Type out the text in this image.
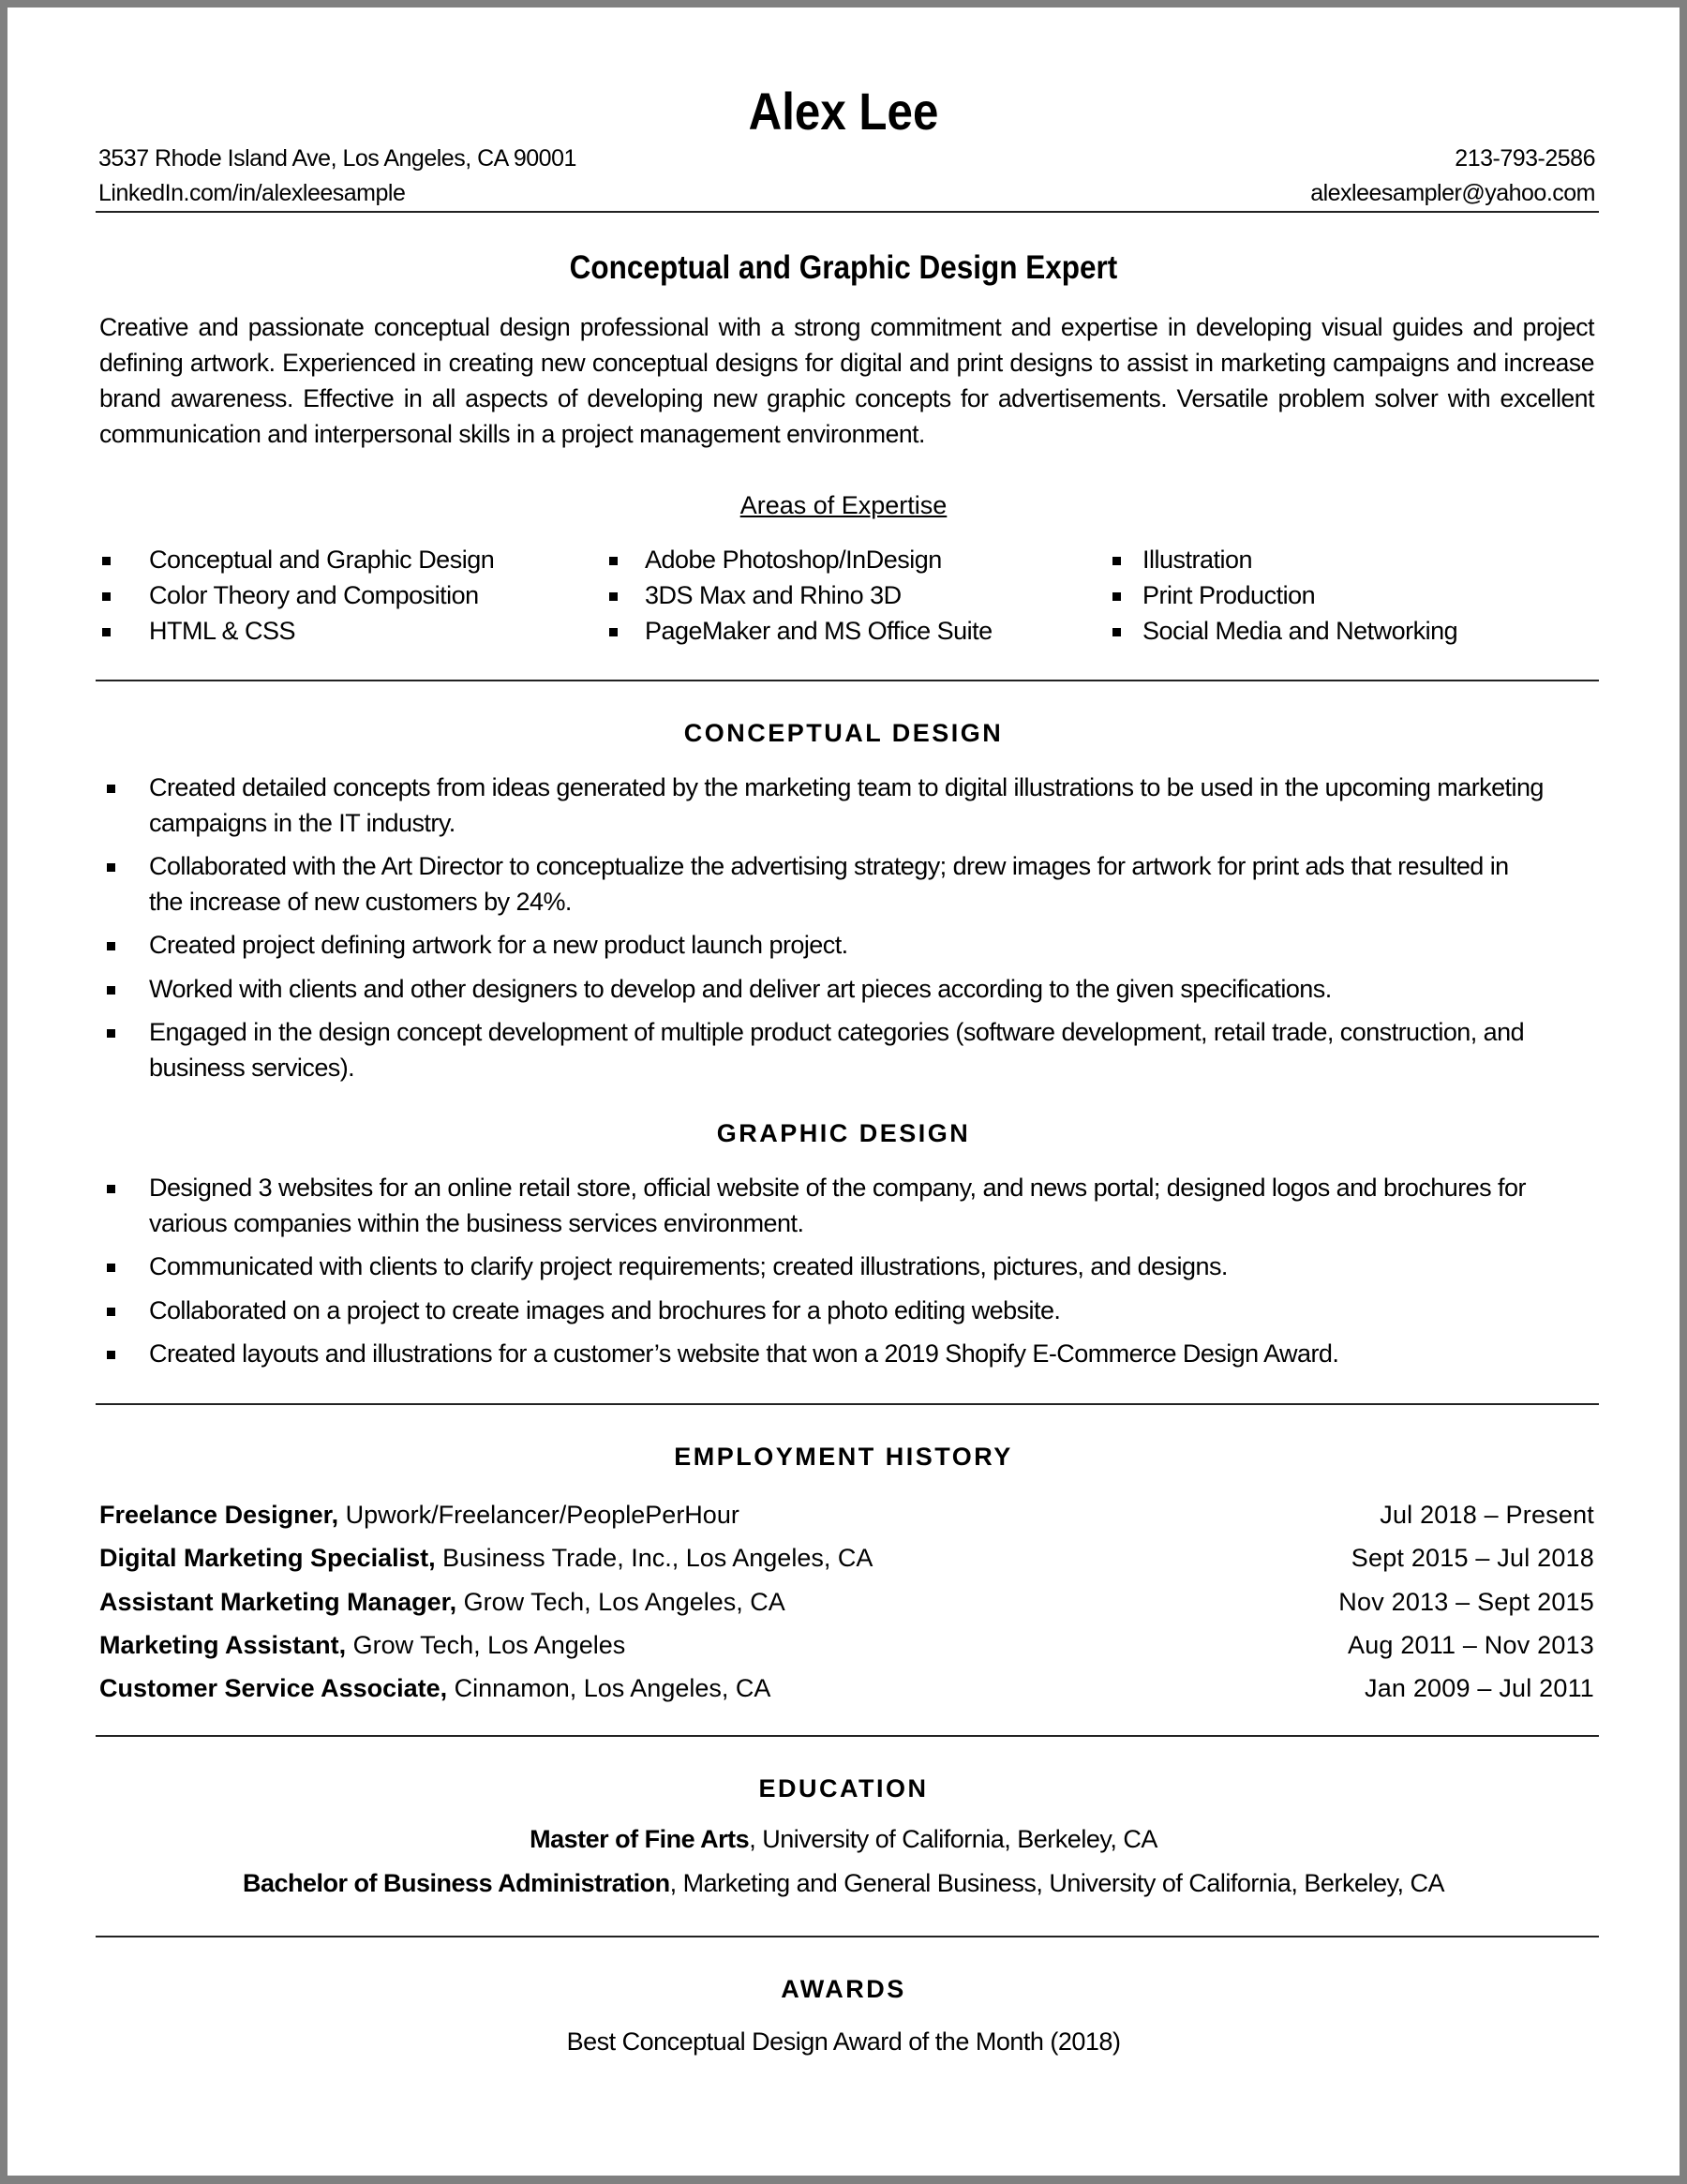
Alex Lee
3537 Rhode Island Ave, Los Angeles, CA 90001
LinkedIn.com/in/alexleesample
213-793-2586
alexleesampler@yahoo.com
Conceptual and Graphic Design Expert
Creative and passionate conceptual design professional with a strong commitment and expertise in developing visual guides and project defining artwork. Experienced in creating new conceptual designs for digital and print designs to assist in marketing campaigns and increase brand awareness. Effective in all aspects of developing new graphic concepts for advertisements. Versatile problem solver with excellent communication and interpersonal skills in a project management environment.
Areas of Expertise
Conceptual and Graphic Design
Color Theory and Composition
HTML & CSS
Adobe Photoshop/InDesign
3DS Max and Rhino 3D
PageMaker and MS Office Suite
Illustration
Print Production
Social Media and Networking
CONCEPTUAL DESIGN
Created detailed concepts from ideas generated by the marketing team to digital illustrations to be used in the upcoming marketing campaigns in the IT industry.
Collaborated with the Art Director to conceptualize the advertising strategy; drew images for artwork for print ads that resulted in the increase of new customers by 24%.
Created project defining artwork for a new product launch project.
Worked with clients and other designers to develop and deliver art pieces according to the given specifications.
Engaged in the design concept development of multiple product categories (software development, retail trade, construction, and business services).
GRAPHIC DESIGN
Designed 3 websites for an online retail store, official website of the company, and news portal; designed logos and brochures for various companies within the business services environment.
Communicated with clients to clarify project requirements; created illustrations, pictures, and designs.
Collaborated on a project to create images and brochures for a photo editing website.
Created layouts and illustrations for a customer’s website that won a 2019 Shopify E-Commerce Design Award.
EMPLOYMENT HISTORY
Freelance Designer, Upwork/Freelancer/PeoplePerHour	Jul 2018 – Present
Digital Marketing Specialist, Business Trade, Inc., Los Angeles, CA	Sept 2015 – Jul 2018
Assistant Marketing Manager, Grow Tech, Los Angeles, CA	Nov 2013 – Sept 2015
Marketing Assistant, Grow Tech, Los Angeles	Aug 2011 – Nov 2013
Customer Service Associate, Cinnamon, Los Angeles, CA	Jan 2009 – Jul 2011
EDUCATION
Master of Fine Arts, University of California, Berkeley, CA
Bachelor of Business Administration, Marketing and General Business, University of California, Berkeley, CA
AWARDS
Best Conceptual Design Award of the Month (2018)
